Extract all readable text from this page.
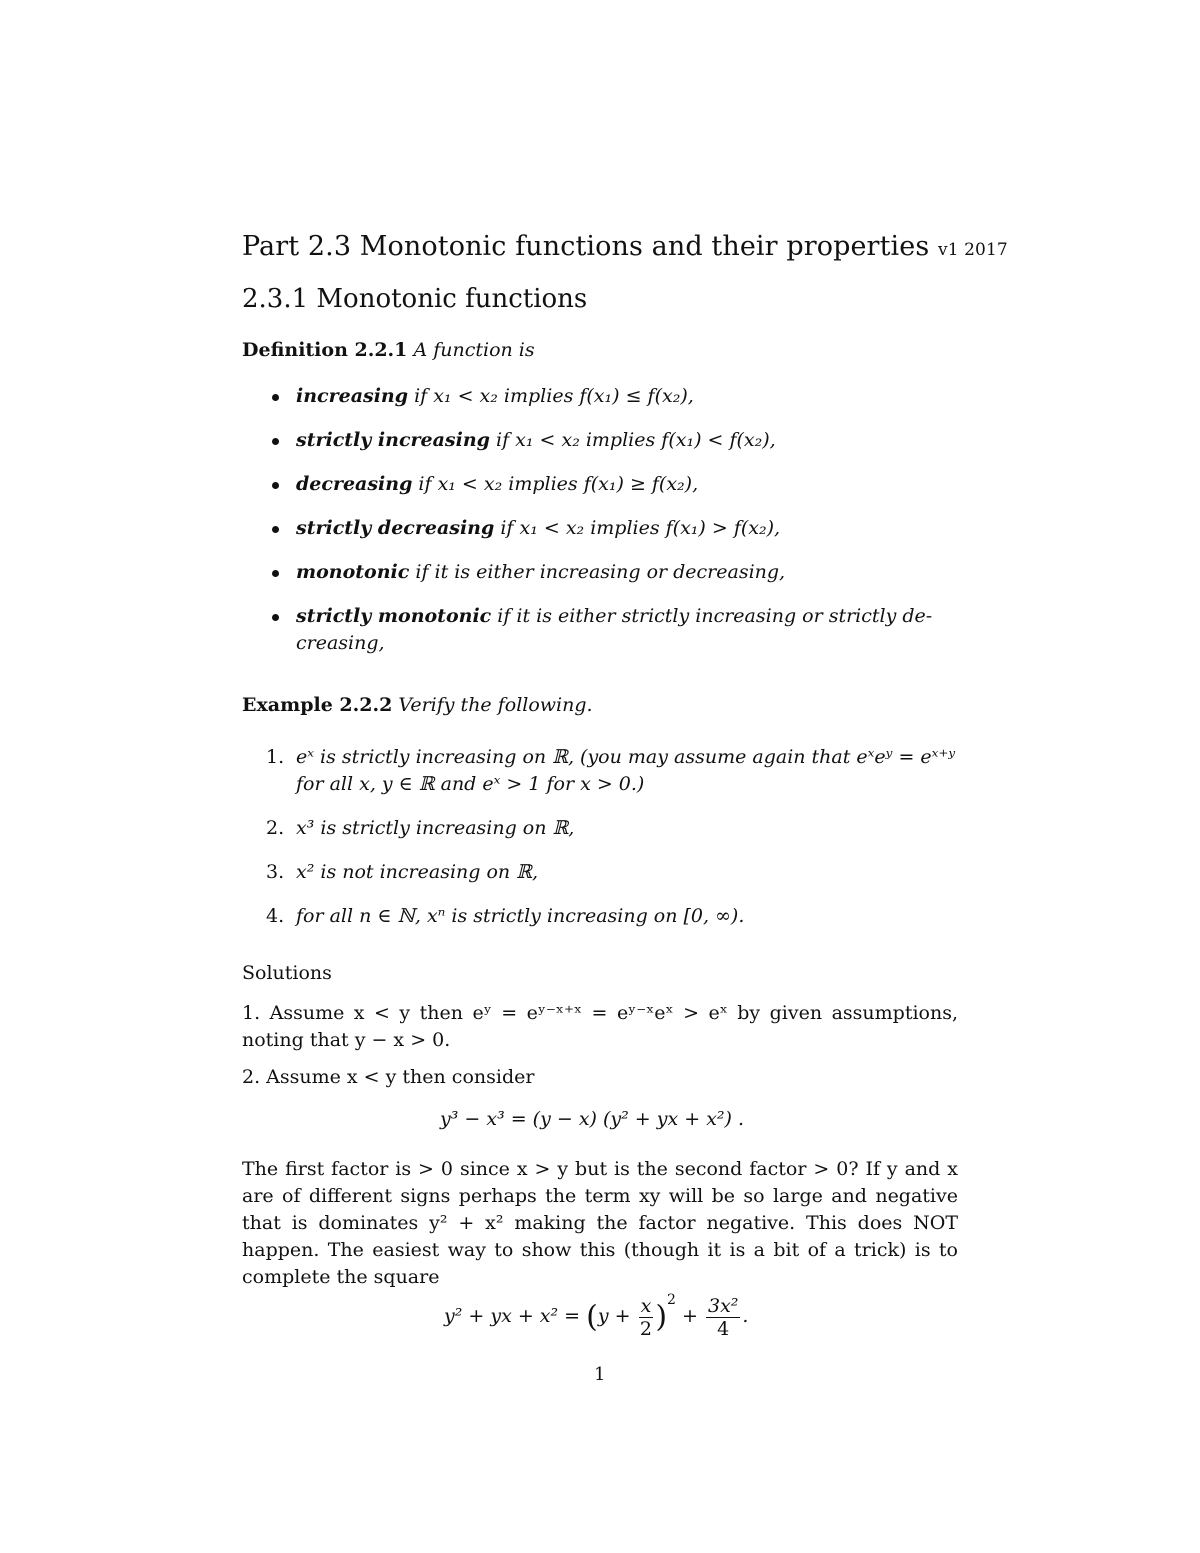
Part 2.3 Monotonic functions and their properties v1 2017
2.3.1 Monotonic functions
Definition 2.2.1 A function is
increasing if x₁ < x₂ implies f(x₁) ≤ f(x₂),
strictly increasing if x₁ < x₂ implies f(x₁) < f(x₂),
decreasing if x₁ < x₂ implies f(x₁) ≥ f(x₂),
strictly decreasing if x₁ < x₂ implies f(x₁) > f(x₂),
monotonic if it is either increasing or decreasing,
strictly monotonic if it is either strictly increasing or strictly de-creasing,
Example 2.2.2 Verify the following.
1. eˣ is strictly increasing on ℝ, (you may assume again that eˣeʸ = eˣ⁺ʸ for all x, y ∈ ℝ and eˣ > 1 for x > 0.)
2. x³ is strictly increasing on ℝ,
3. x² is not increasing on ℝ,
4. for all n ∈ ℕ, xⁿ is strictly increasing on [0, ∞).
Solutions
1. Assume x < y then eʸ = eʸ⁻ˣ⁺ˣ = eʸ⁻ˣeˣ > eˣ by given assumptions, noting that y − x > 0.
2. Assume x < y then consider
y³ − x³ = (y − x) (y² + yx + x²) .
The first factor is > 0 since x > y but is the second factor > 0? If y and x are of different signs perhaps the term xy will be so large and negative that is dominates y² + x² making the factor negative. This does NOT happen. The easiest way to show this (though it is a bit of a trick) is to complete the square
y² + yx + $x^2 = (y + \frac{x}{2} )^2 + \frac{\text{3x²}}{4}$ .
1
